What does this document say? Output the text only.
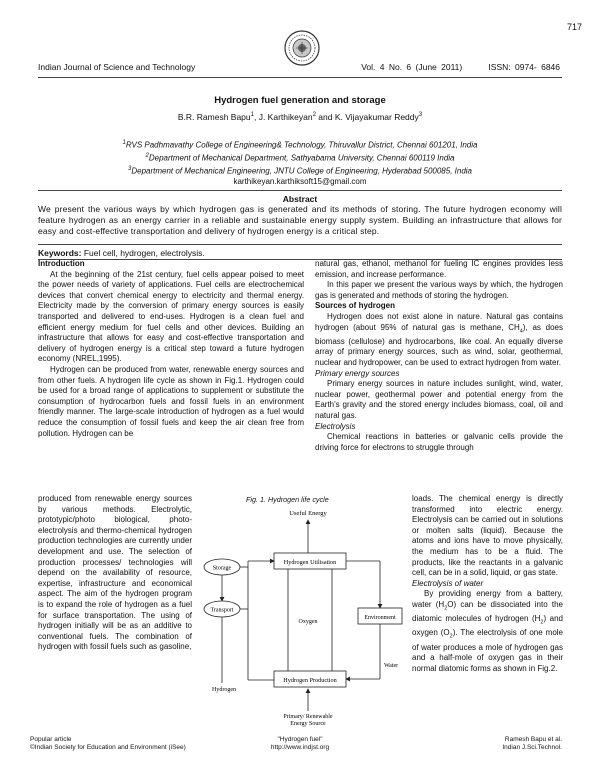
717
Indian Journal of Science and Technology	Vol. 4 No. 6 (June 2011)	ISSN: 0974- 6846
Hydrogen fuel generation and storage
B.R. Ramesh Bapu$^1$, J. Karthikeyan$^2$ and K. Vijayakumar Reddy$^3$
$^1$RVS Padhmavathy College of Engineering& Technology, Thiruvallur District, Chennai 601201, India
$^2$Department of Mechanical Department, Sathyabama University, Chennai 600119 India
$^3$Department of Mechanical Engineering, JNTU College of Engineering, Hyderabad 500085, India
karthikeyan.karthiksoft15@gmail.com
Abstract
We present the various ways by which hydrogen gas is generated and its methods of storing. The future hydrogen economy will feature hydrogen as an energy carrier in a reliable and sustainable energy supply system. Building an infrastructure that allows for easy and cost-effective transportation and delivery of hydrogen energy is a critical step.
Keywords: Fuel cell, hydrogen, electrolysis.

Introduction

At the beginning of the 21st century, fuel cells appear poised to meet the power needs of variety of applications. Fuel cells are electrochemical devices that convert chemical energy to electricity and thermal energy. Electricity made by the conversion of primary energy sources is easily transported and delivered to end-uses. Hydrogen is a clean fuel and efficient energy medium for fuel cells and other devices. Building an infrastructure that allows for easy and cost-effective transportation and delivery of hydrogen energy is a critical step toward a future hydrogen economy (NREL,1995).

Hydrogen can be produced from water, renewable energy sources and from other fuels. A hydrogen life cycle as shown in Fig.1. Hydrogen could be used for a broad range of applications to supplement or substitute the consumption of hydrocarbon fuels and fossil fuels in an environment friendly manner. The large-scale introduction of hydrogen as a fuel would reduce the consumption of fossil fuels and keep the air clean free from pollution. Hydrogen can be

produced from renewable energy sources by various methods. Electrolytic, prototypic/photo biological, photo-electrolysis and thermo-chemical hydrogen production technologies are currently under development and use. The selection of production processes/ technologies will depend on the availability of resource, expertise, infrastructure and economical aspect. The aim of the hydrogen program is to expand the role of hydrogen as a fuel for surface transportation. The using of hydrogen initially will be as an additive to conventional fuels. The combination of hydrogen with fossil fuels such as gasoline,

natural gas, ethanol, methanol for fueling IC engines provides less emission, and increase performance.

In this paper we present the various ways by which, the hydrogen gas is generated and methods of storing the hydrogen.

Sources of hydrogen

Hydrogen does not exist alone in nature. Natural gas contains hydrogen (about 95% of natural gas is methane, $CH_4$), as does biomass (cellulose) and hydrocarbons, like coal. An equally diverse array of primary energy sources, such as wind, solar, geothermal, nuclear and hydropower, can be used to extract hydrogen from water.

Primary energy sources

Primary energy sources in nature includes sunlight, wind, water, nuclear power, geothermal power and potential energy from the Earth's gravity and the stored energy includes biomass, coal, oil and natural gas.

Electrolysis

Chemical reactions in batteries or galvanic cells provide the driving force for electrons to struggle through

loads. The chemical energy is directly transformed into electric energy. Electrolysis can be carried out in solutions or molten salts (liquid). Because the atoms and ions have to move physically, the medium has to be a fluid. The products, like the reactants in a galvanic cell, can be in a solid, liquid, or gas state.

Electrolysis of water

By providing energy from a battery, water $(H_2O)$ can be dissociated into the diatomic molecules of hydrogen $(H_2)$ and oxygen $(O_2)$. The electrolysis of one mole of water produces a mole of hydrogen gas and a half-mole of oxygen gas in their normal diatomic forms as shown in Fig.2.

Fig. 1. Hydrogen life cycle
Useful Energy
Hydrogen Utilisation
Storage
Transport
Oxygen
Environment
Water
Hydrogen Production
Hydrogen
Primary/ Renewable
Energy Source
Popular article
©Indian Society for Education and Environment (iSee)
"Hydrogen fuel"
http://www.indjst.org
Ramesh Bapu et al.
Indian J.Sci.Technol.
